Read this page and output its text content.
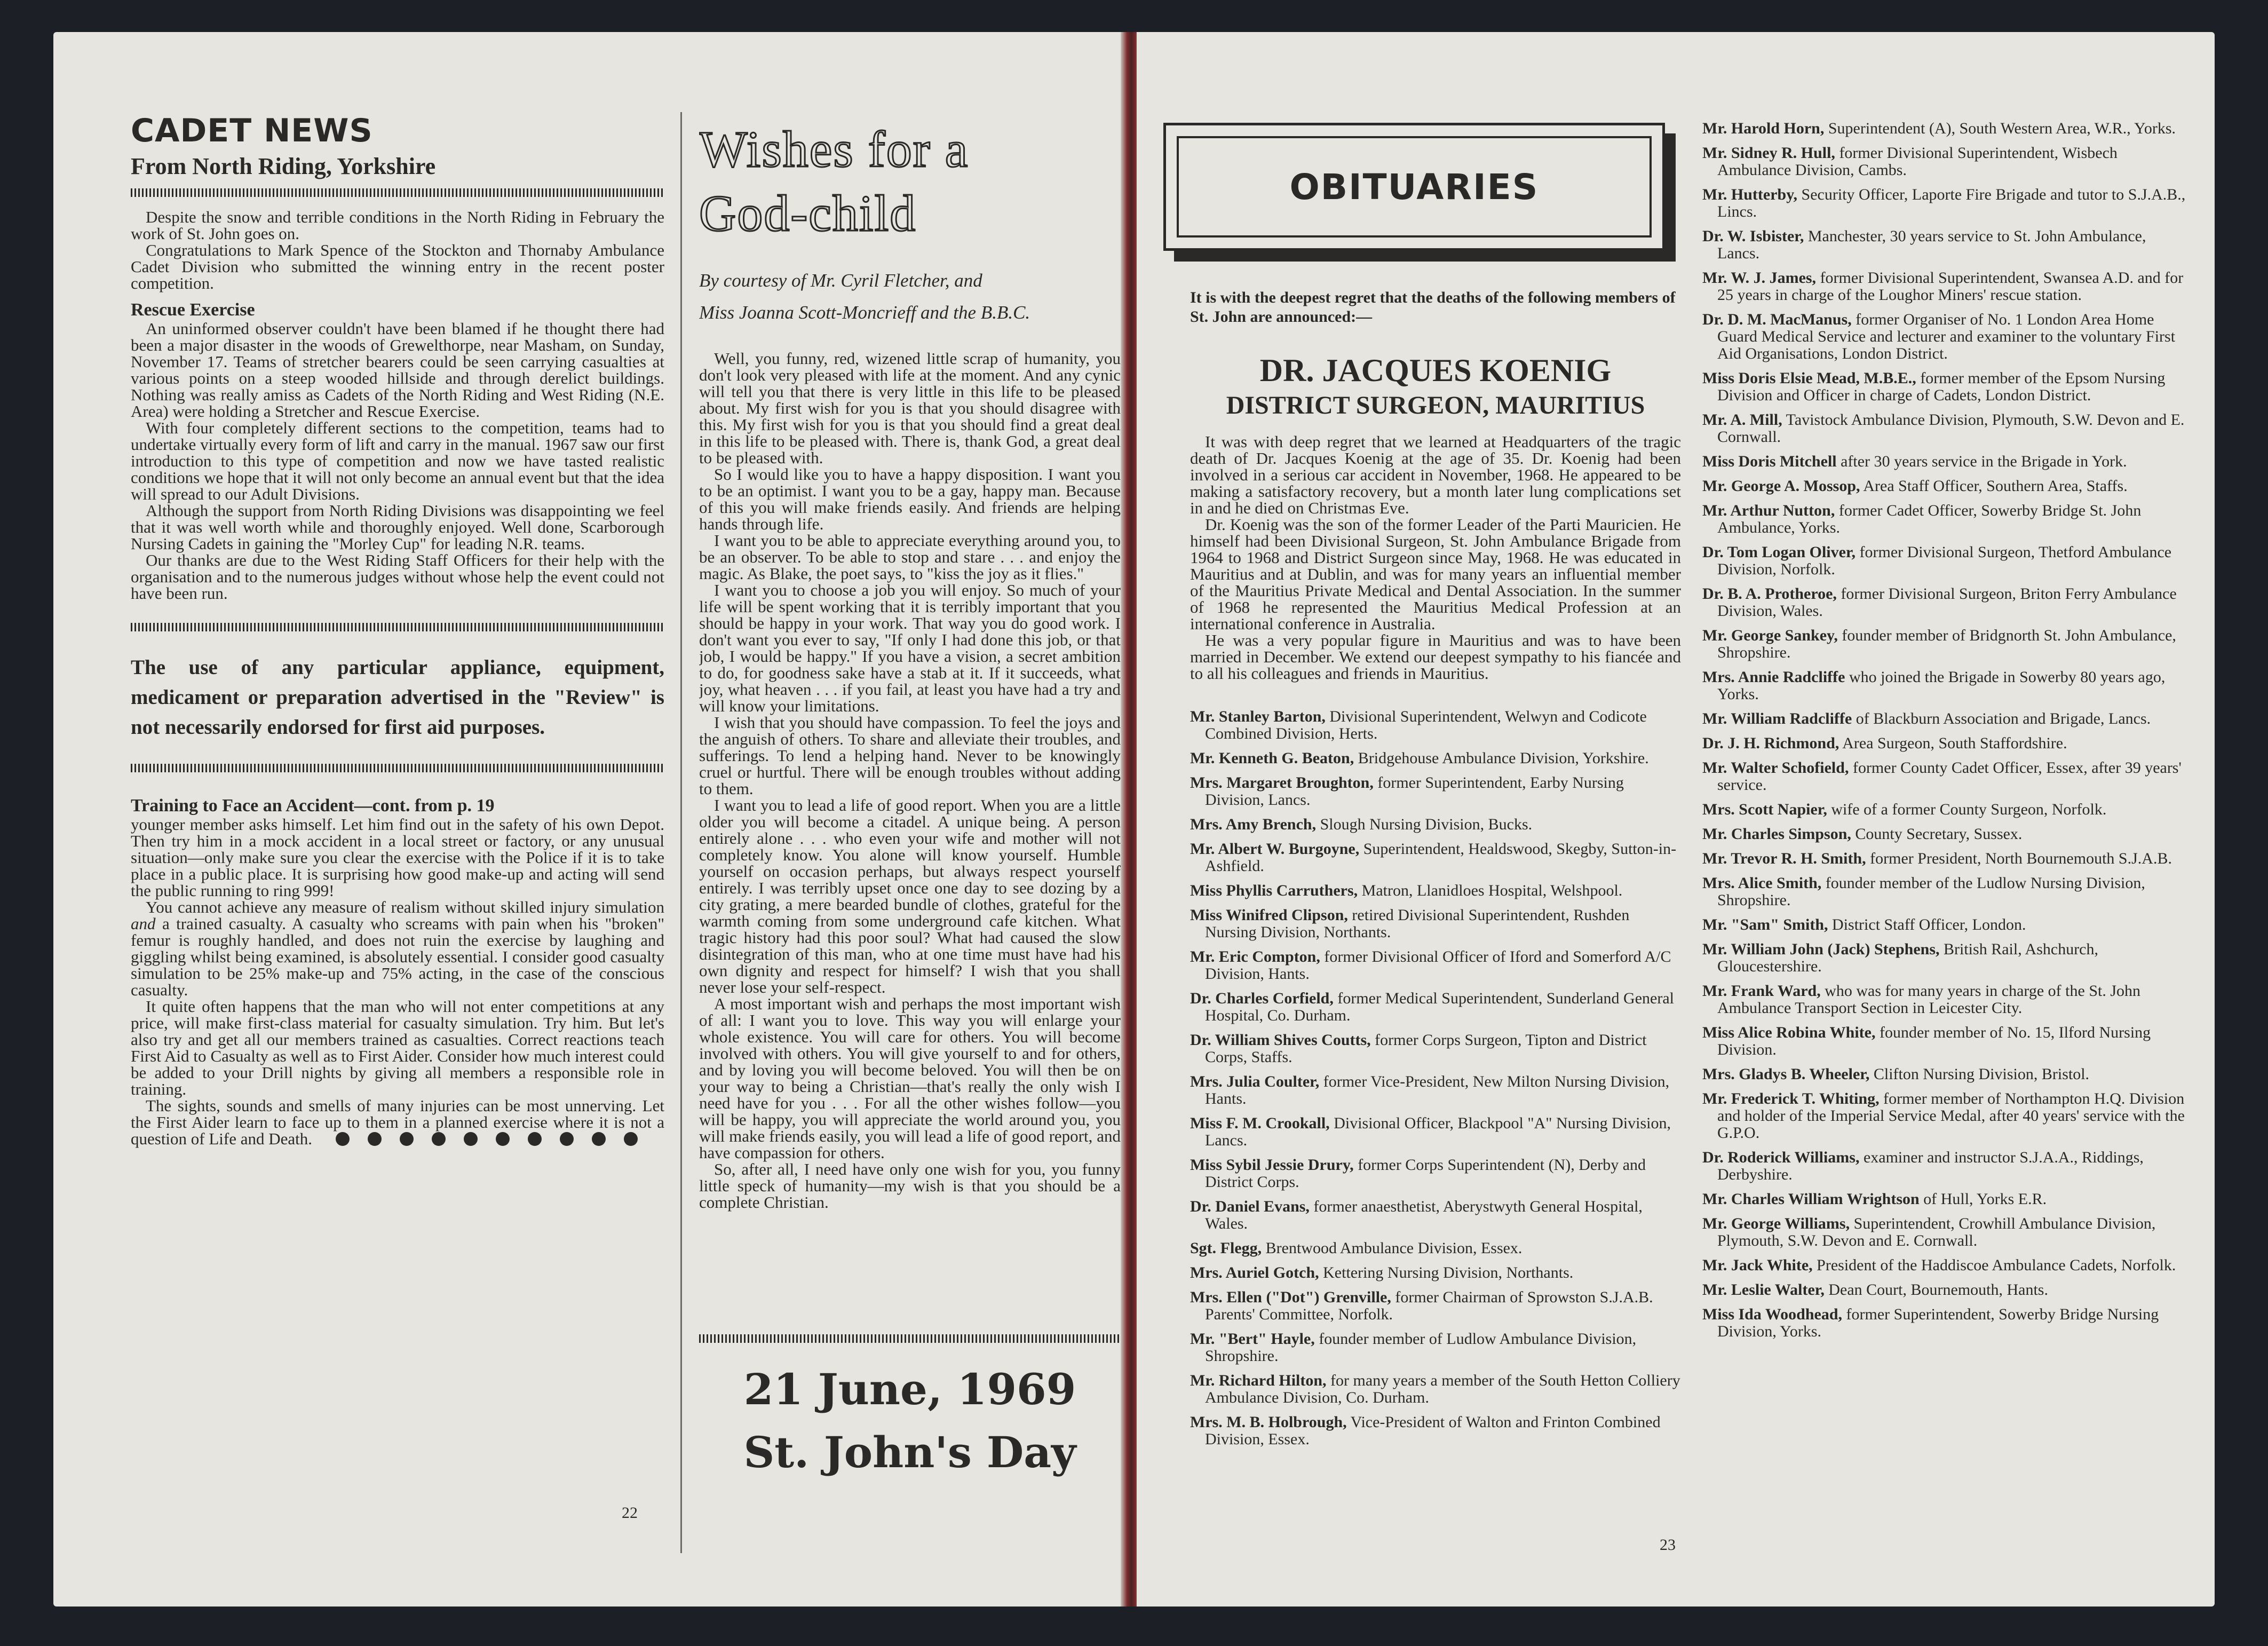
CADET NEWS
From North Riding, Yorkshire

Despite the snow and terrible conditions in the North Riding in February the work of St. John goes on.

Congratulations to Mark Spence of the Stockton and Thornaby Ambulance Cadet Division who submitted the winning entry in the recent poster competition.

Rescue Exercise

An uninformed observer couldn't have been blamed if he thought there had been a major disaster in the woods of Grewelthorpe, near Masham, on Sunday, November 17. Teams of stretcher bearers could be seen carrying casualties at various points on a steep wooded hillside and through derelict buildings. Nothing was really amiss as Cadets of the North Riding and West Riding (N.E. Area) were holding a Stretcher and Rescue Exercise.

With four completely different sections to the competition, teams had to undertake virtually every form of lift and carry in the manual. 1967 saw our first introduction to this type of competition and now we have tasted realistic conditions we hope that it will not only become an annual event but that the idea will spread to our Adult Divisions.

Although the support from North Riding Divisions was disappointing we feel that it was well worth while and thoroughly enjoyed. Well done, Scarborough Nursing Cadets in gaining the "Morley Cup" for leading N.R. teams.

Our thanks are due to the West Riding Staff Officers for their help with the organisation and to the numerous judges without whose help the event could not have been run.

The use of any particular appliance, equipment, medicament or preparation advertised in the "Review" is not necessarily endorsed for first aid purposes.
Training to Face an Accident—cont. from p. 19

younger member asks himself. Let him find out in the safety of his own Depot. Then try him in a mock accident in a local street or factory, or any unusual situation—only make sure you clear the exercise with the Police if it is to take place in a public place. It is surprising how good make-up and acting will send the public running to ring 999!

You cannot achieve any measure of realism without skilled injury simulation and a trained casualty. A casualty who screams with pain when his "broken" femur is roughly handled, and does not ruin the exercise by laughing and giggling whilst being examined, is absolutely essential. I consider good casualty simulation to be 25% make-up and 75% acting, in the case of the conscious casualty.

It quite often happens that the man who will not enter competitions at any price, will make first-class material for casualty simulation. Try him. But let's also try and get all our members trained as casualties. Correct reactions teach First Aid to Casualty as well as to First Aider. Consider how much interest could be added to your Drill nights by giving all members a responsible role in training.

The sights, sounds and smells of many injuries can be most unnerving. Let the First Aider learn to face up to them in a planned exercise where it is not a question of Life and Death.

Wishes for a
God-child
By courtesy of Mr. Cyril Fletcher, and
Miss Joanna Scott-Moncrieff and the B.B.C.

Well, you funny, red, wizened little scrap of humanity, you don't look very pleased with life at the moment. And any cynic will tell you that there is very little in this life to be pleased about. My first wish for you is that you should disagree with this. My first wish for you is that you should find a great deal in this life to be pleased with. There is, thank God, a great deal to be pleased with.

So I would like you to have a happy disposition. I want you to be an optimist. I want you to be a gay, happy man. Because of this you will make friends easily. And friends are helping hands through life.

I want you to be able to appreciate everything around you, to be an observer. To be able to stop and stare . . . and enjoy the magic. As Blake, the poet says, to "kiss the joy as it flies."

I want you to choose a job you will enjoy. So much of your life will be spent working that it is terribly important that you should be happy in your work. That way you do good work. I don't want you ever to say, "If only I had done this job, or that job, I would be happy." If you have a vision, a secret ambition to do, for goodness sake have a stab at it. If it succeeds, what joy, what heaven . . . if you fail, at least you have had a try and will know your limitations.

I wish that you should have compassion. To feel the joys and the anguish of others. To share and alleviate their troubles, and sufferings. To lend a helping hand. Never to be knowingly cruel or hurtful. There will be enough troubles without adding to them.

I want you to lead a life of good report. When you are a little older you will become a citadel. A unique being. A person entirely alone . . . who even your wife and mother will not completely know. You alone will know yourself. Humble yourself on occasion perhaps, but always respect yourself entirely. I was terribly upset once one day to see dozing by a city grating, a mere bearded bundle of clothes, grateful for the warmth coming from some underground cafe kitchen. What tragic history had this poor soul? What had caused the slow disintegration of this man, who at one time must have had his own dignity and respect for himself? I wish that you shall never lose your self-respect.

A most important wish and perhaps the most important wish of all: I want you to love. This way you will enlarge your whole existence. You will care for others. You will become involved with others. You will give yourself to and for others, and by loving you will become beloved. You will then be on your way to being a Christian—that's really the only wish I need have for you . . . For all the other wishes follow—you will be happy, you will appreciate the world around you, you will make friends easily, you will lead a life of good report, and have compassion for others.

So, after all, I need have only one wish for you, you funny little speck of humanity—my wish is that you should be a complete Christian.

21 June, 1969
St. John's Day
22
OBITUARIES
It is with the deepest regret that the deaths of the following members of St. John are announced:—
DR. JACQUES KOENIG
DISTRICT SURGEON, MAURITIUS

It was with deep regret that we learned at Headquarters of the tragic death of Dr. Jacques Koenig at the age of 35. Dr. Koenig had been involved in a serious car accident in November, 1968. He appeared to be making a satisfactory recovery, but a month later lung complications set in and he died on Christmas Eve.

Dr. Koenig was the son of the former Leader of the Parti Mauricien. He himself had been Divisional Surgeon, St. John Ambulance Brigade from 1964 to 1968 and District Surgeon since May, 1968. He was educated in Mauritius and at Dublin, and was for many years an influential member of the Mauritius Private Medical and Dental Association. In the summer of 1968 he represented the Mauritius Medical Profession at an international conference in Australia.

He was a very popular figure in Mauritius and was to have been married in December. We extend our deepest sympathy to his fiancée and to all his colleagues and friends in Mauritius.

Mr. Stanley Barton, Divisional Superintendent, Welwyn and Codicote Combined Division, Herts.
Mr. Kenneth G. Beaton, Bridgehouse Ambulance Division, Yorkshire.
Mrs. Margaret Broughton, former Superintendent, Earby Nursing Division, Lancs.
Mrs. Amy Brench, Slough Nursing Division, Bucks.
Mr. Albert W. Burgoyne, Superintendent, Healdswood, Skegby, Sutton-in-Ashfield.
Miss Phyllis Carruthers, Matron, Llanidloes Hospital, Welshpool.
Miss Winifred Clipson, retired Divisional Superintendent, Rushden Nursing Division, Northants.
Mr. Eric Compton, former Divisional Officer of Iford and Somerford A/C Division, Hants.
Dr. Charles Corfield, former Medical Superintendent, Sunderland General Hospital, Co. Durham.
Dr. William Shives Coutts, former Corps Surgeon, Tipton and District Corps, Staffs.
Mrs. Julia Coulter, former Vice-President, New Milton Nursing Division, Hants.
Miss F. M. Crookall, Divisional Officer, Blackpool "A" Nursing Division, Lancs.
Miss Sybil Jessie Drury, former Corps Superintendent (N), Derby and District Corps.
Dr. Daniel Evans, former anaesthetist, Aberystwyth General Hospital, Wales.
Sgt. Flegg, Brentwood Ambulance Division, Essex.
Mrs. Auriel Gotch, Kettering Nursing Division, Northants.
Mrs. Ellen ("Dot") Grenville, former Chairman of Sprowston S.J.A.B. Parents' Committee, Norfolk.
Mr. "Bert" Hayle, founder member of Ludlow Ambulance Division, Shropshire.
Mr. Richard Hilton, for many years a member of the South Hetton Colliery Ambulance Division, Co. Durham.
Mrs. M. B. Holbrough, Vice-President of Walton and Frinton Combined Division, Essex.
Mr. Harold Horn, Superintendent (A), South Western Area, W.R., Yorks.
Mr. Sidney R. Hull, former Divisional Superintendent, Wisbech Ambulance Division, Cambs.
Mr. Hutterby, Security Officer, Laporte Fire Brigade and tutor to S.J.A.B., Lincs.
Dr. W. Isbister, Manchester, 30 years service to St. John Ambulance, Lancs.
Mr. W. J. James, former Divisional Superintendent, Swansea A.D. and for 25 years in charge of the Loughor Miners' rescue station.
Dr. D. M. MacManus, former Organiser of No. 1 London Area Home Guard Medical Service and lecturer and examiner to the voluntary First Aid Organisations, London District.
Miss Doris Elsie Mead, M.B.E., former member of the Epsom Nursing Division and Officer in charge of Cadets, London District.
Mr. A. Mill, Tavistock Ambulance Division, Plymouth, S.W. Devon and E. Cornwall.
Miss Doris Mitchell after 30 years service in the Brigade in York.
Mr. George A. Mossop, Area Staff Officer, Southern Area, Staffs.
Mr. Arthur Nutton, former Cadet Officer, Sowerby Bridge St. John Ambulance, Yorks.
Dr. Tom Logan Oliver, former Divisional Surgeon, Thetford Ambulance Division, Norfolk.
Dr. B. A. Protheroe, former Divisional Surgeon, Briton Ferry Ambulance Division, Wales.
Mr. George Sankey, founder member of Bridgnorth St. John Ambulance, Shropshire.
Mrs. Annie Radcliffe who joined the Brigade in Sowerby 80 years ago, Yorks.
Mr. William Radcliffe of Blackburn Association and Brigade, Lancs.
Dr. J. H. Richmond, Area Surgeon, South Staffordshire.
Mr. Walter Schofield, former County Cadet Officer, Essex, after 39 years' service.
Mrs. Scott Napier, wife of a former County Surgeon, Norfolk.
Mr. Charles Simpson, County Secretary, Sussex.
Mr. Trevor R. H. Smith, former President, North Bournemouth S.J.A.B.
Mrs. Alice Smith, founder member of the Ludlow Nursing Division, Shropshire.
Mr. "Sam" Smith, District Staff Officer, London.
Mr. William John (Jack) Stephens, British Rail, Ashchurch, Gloucestershire.
Mr. Frank Ward, who was for many years in charge of the St. John Ambulance Transport Section in Leicester City.
Miss Alice Robina White, founder member of No. 15, Ilford Nursing Division.
Mrs. Gladys B. Wheeler, Clifton Nursing Division, Bristol.
Mr. Frederick T. Whiting, former member of Northampton H.Q. Division and holder of the Imperial Service Medal, after 40 years' service with the G.P.O.
Dr. Roderick Williams, examiner and instructor S.J.A.A., Riddings, Derbyshire.
Mr. Charles William Wrightson of Hull, Yorks E.R.
Mr. George Williams, Superintendent, Crowhill Ambulance Division, Plymouth, S.W. Devon and E. Cornwall.
Mr. Jack White, President of the Haddiscoe Ambulance Cadets, Norfolk.
Mr. Leslie Walter, Dean Court, Bournemouth, Hants.
Miss Ida Woodhead, former Superintendent, Sowerby Bridge Nursing Division, Yorks.
23
